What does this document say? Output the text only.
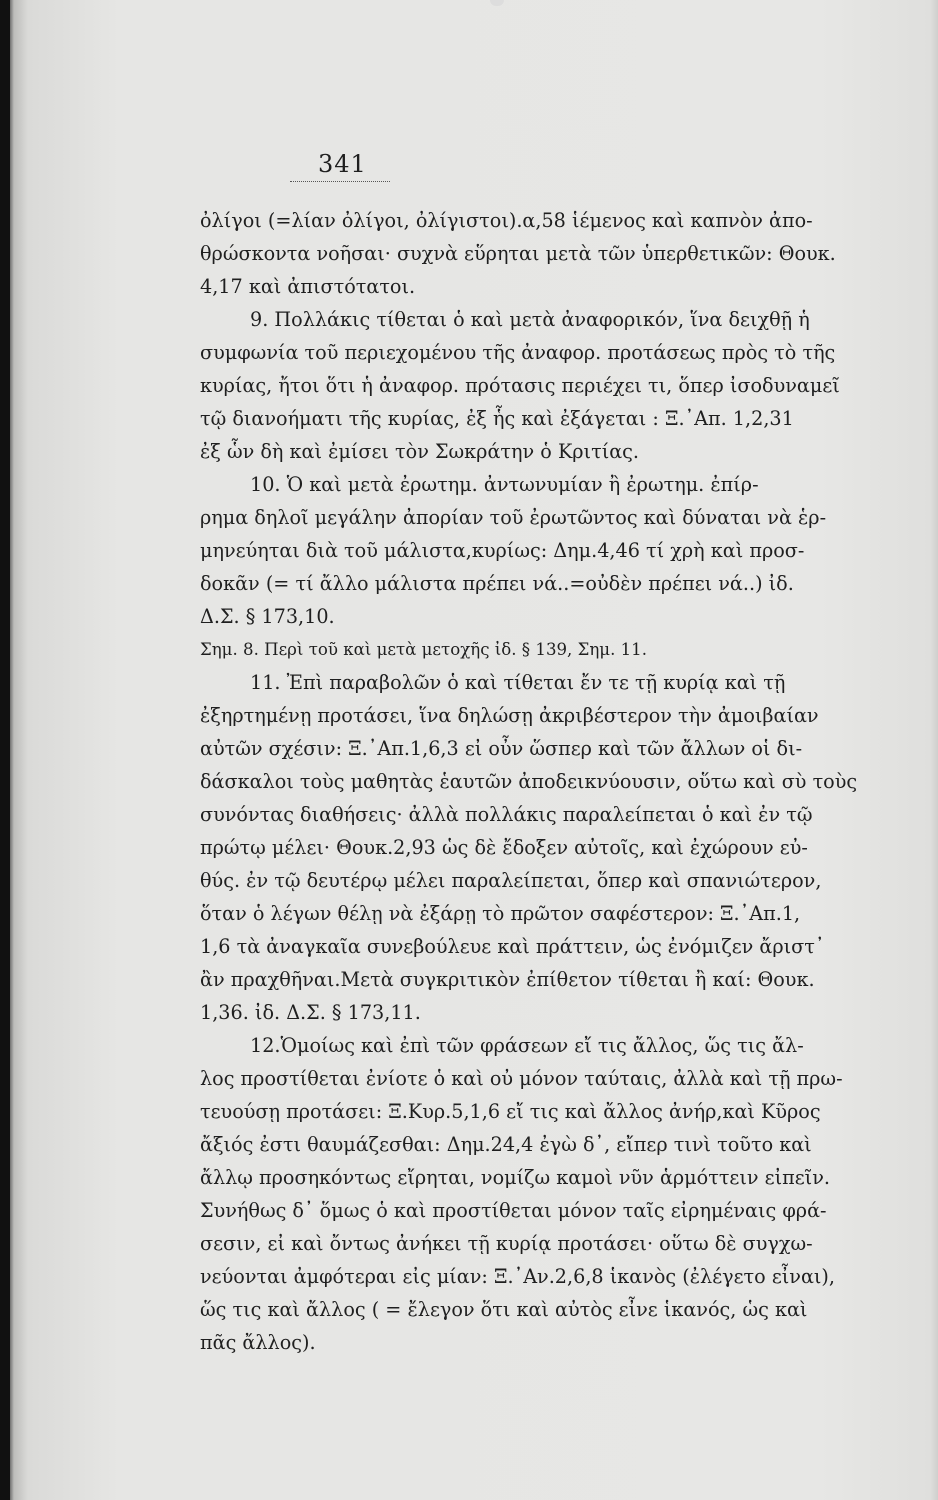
341
ὀλίγοι (=λίαν ὀλίγοι, ὀλίγιστοι).α,58 ἱέμενος καὶ καπνὸν ἀπο-
θρώσκοντα νοῆσαι· συχνὰ εὕρηται μετὰ τῶν ὑπερθετικῶν: Θουκ.
4,17 καὶ ἀπιστότατοι.
9. Πολλάκις τίθεται ὁ καὶ μετὰ ἀναφορικόν, ἵνα δειχθῇ ἡ
συμφωνία τοῦ περιεχομένου τῆς ἀναφορ. προτάσεως πρὸς τὸ τῆς
κυρίας, ἤτοι ὅτι ἡ ἀναφορ. πρότασις περιέχει τι, ὅπερ ἰσοδυναμεῖ
τῷ διανοήματι τῆς κυρίας, ἐξ ἧς καὶ ἐξάγεται : Ξ.᾿Απ. 1,2,31
ἐξ ὧν δὴ καὶ ἐμίσει τὸν Σωκράτην ὁ Κριτίας.
10. Ὁ καὶ μετὰ ἐρωτημ. ἀντωνυμίαν ἢ ἐρωτημ. ἐπίρ-
ρημα δηλοῖ μεγάλην ἀπορίαν τοῦ ἐρωτῶντος καὶ δύναται νὰ ἑρ-
μηνεύηται διὰ τοῦ μάλιστα,κυρίως: Δημ.4,46 τί χρὴ καὶ προσ-
δοκᾶν (= τί ἄλλο μάλιστα πρέπει νά..=οὐδὲν πρέπει νά..) ἰδ.
Δ.Σ. § 173,10.
Σημ. 8. Περὶ τοῦ καὶ μετὰ μετοχῆς ἰδ. § 139, Σημ. 11.
11. Ἐπὶ παραβολῶν ὁ καὶ τίθεται ἔν τε τῇ κυρίᾳ καὶ τῇ
ἐξηρτημένῃ προτάσει, ἵνα δηλώσῃ ἀκριβέστερον τὴν ἀμοιβαίαν
αὐτῶν σχέσιν: Ξ.᾿Απ.1,6,3 εἰ οὖν ὥσπερ καὶ τῶν ἄλλων οἱ δι-
δάσκαλοι τοὺς μαθητὰς ἑαυτῶν ἀποδεικνύουσιν, οὕτω καὶ σὺ τοὺς
συνόντας διαθήσεις· ἀλλὰ πολλάκις παραλείπεται ὁ καὶ ἐν τῷ
πρώτῳ μέλει· Θουκ.2,93 ὡς δὲ ἔδοξεν αὐτοῖς, καὶ ἐχώρουν εὐ-
θύς. ἐν τῷ δευτέρῳ μέλει παραλείπεται, ὅπερ καὶ σπανιώτερον,
ὅταν ὁ λέγων θέλῃ νὰ ἐξάρῃ τὸ πρῶτον σαφέστερον: Ξ.᾿Απ.1,
1,6 τὰ ἀναγκαῖα συνεβούλευε καὶ πράττειν, ὡς ἐνόμιζεν ἄριστ᾿
ἂν πραχθῆναι.Μετὰ συγκριτικὸν ἐπίθετον τίθεται ἢ καί: Θουκ.
1,36. ἰδ. Δ.Σ. § 173,11.
12.Ὁμοίως καὶ ἐπὶ τῶν φράσεων εἴ τις ἄλλος, ὥς τις ἄλ-
λος προστίθεται ἐνίοτε ὁ καὶ οὐ μόνον ταύταις, ἀλλὰ καὶ τῇ πρω-
τευούσῃ προτάσει: Ξ.Κυρ.5,1,6 εἴ τις καὶ ἄλλος ἀνήρ,καὶ Κῦρος
ἄξιός ἐστι θαυμάζεσθαι: Δημ.24,4 ἐγὼ δ᾿, εἴπερ τινὶ τοῦτο καὶ
ἄλλῳ προσηκόντως εἴρηται, νομίζω καμοὶ νῦν ἁρμόττειν εἰπεῖν.
Συνήθως δ᾿ ὅμως ὁ καὶ προστίθεται μόνον ταῖς εἰρημέναις φρά-
σεσιν, εἰ καὶ ὄντως ἀνήκει τῇ κυρίᾳ προτάσει· οὕτω δὲ συγχω-
νεύονται ἀμφότεραι εἰς μίαν: Ξ.᾿Αν.2,6,8 ἱκανὸς (ἐλέγετο εἶναι),
ὥς τις καὶ ἄλλος ( = ἔλεγον ὅτι καὶ αὐτὸς εἶνε ἱκανός, ὡς καὶ
πᾶς ἄλλος).
